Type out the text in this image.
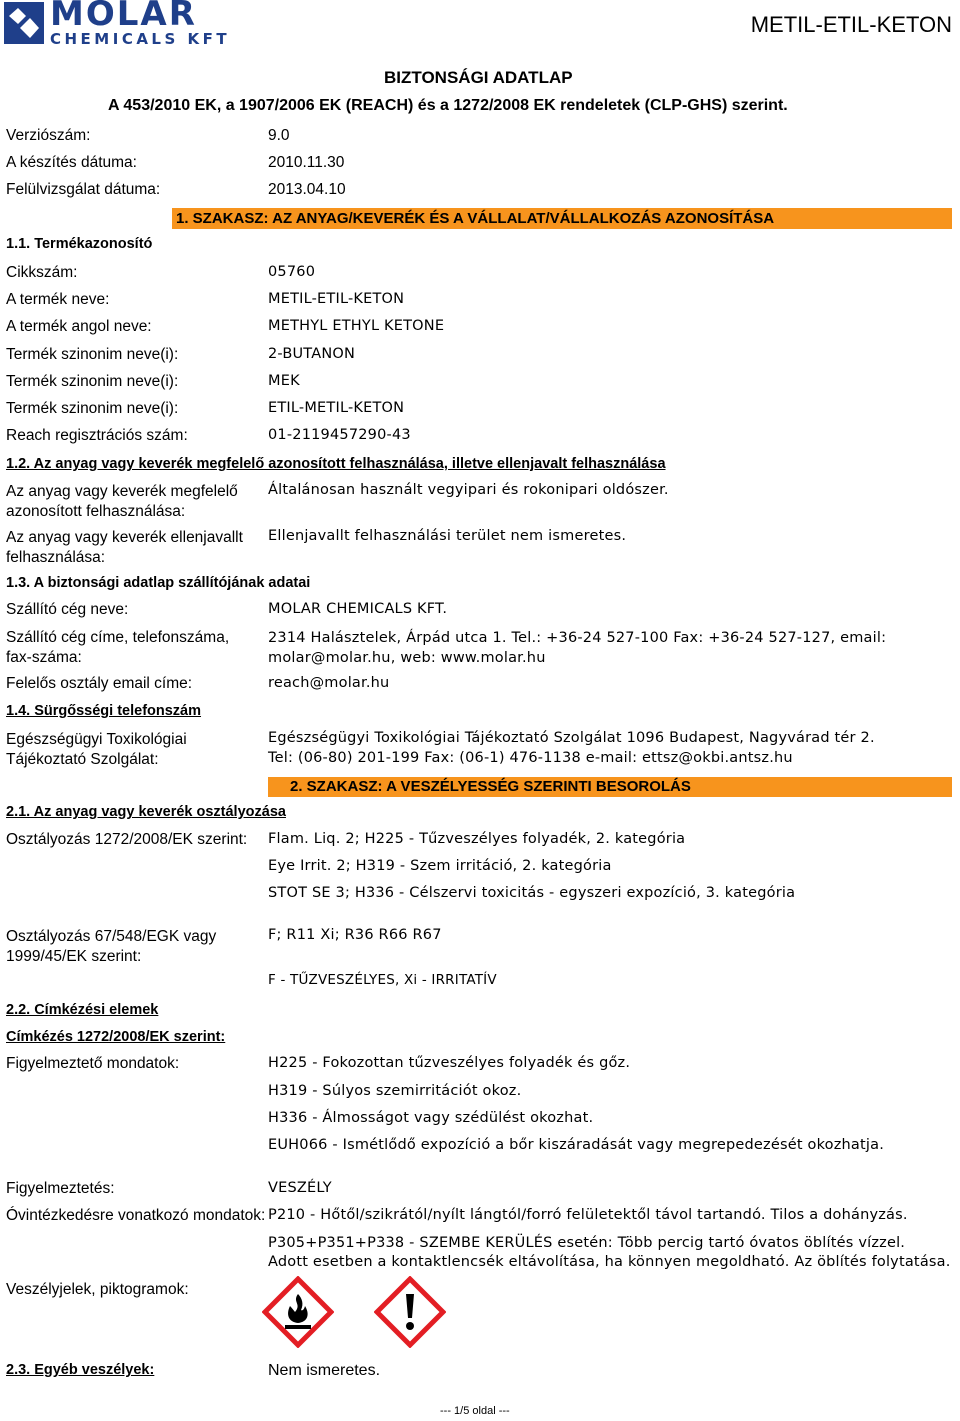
MOLAR
CHEMICALS KFT
METIL-ETIL-KETON
BIZTONSÁGI ADATLAP
A 453/2010 EK, a 1907/2006 EK (REACH) és a 1272/2008 EK rendeletek (CLP-GHS) szerint.
Verziószám:	9.0
A készítés dátuma:	2010.11.30
Felülvizsgálat dátuma:	2013.04.10
1. SZAKASZ: AZ ANYAG/KEVERÉK ÉS A VÁLLALAT/VÁLLALKOZÁS AZONOSÍTÁSA
1.1. Termékazonosító
Cikkszám:	05760
A termék neve:	METIL-ETIL-KETON
A termék angol neve:	METHYL ETHYL KETONE
Termék szinonim neve(i):	2-BUTANON
Termék szinonim neve(i):	MEK
Termék szinonim neve(i):	ETIL-METIL-KETON
Reach regisztrációs szám:	01-2119457290-43
1.2. Az anyag vagy keverék megfelelő azonosított felhasználása, illetve ellenjavalt felhasználása
Az anyag vagy keverék megfelelő azonosított felhasználása:
Általánosan használt vegyipari és rokonipari oldószer.
Az anyag vagy keverék ellenjavallt felhasználása:
Ellenjavallt felhasználási terület nem ismeretes.
1.3. A biztonsági adatlap szállítójának adatai
Szállító cég neve:	MOLAR CHEMICALS KFT.
Szállító cég címe, telefonszáma, fax-száma:
2314 Halásztelek, Árpád utca 1. Tel.: +36-24 527-100 Fax: +36-24 527-127, email: molar@molar.hu, web: www.molar.hu
Felelős osztály email címe:	reach@molar.hu
1.4. Sürgősségi telefonszám
Egészségügyi Toxikológiai Tájékoztató Szolgálat:
Egészségügyi Toxikológiai Tájékoztató Szolgálat 1096 Budapest, Nagyvárad tér 2.
Tel: (06-80) 201-199 Fax: (06-1) 476-1138 e-mail: ettsz@okbi.antsz.hu
2. SZAKASZ: A VESZÉLYESSÉG SZERINTI BESOROLÁS
2.1. Az anyag vagy keverék osztályozása
Osztályozás 1272/2008/EK szerint: Flam. Liq. 2; H225 - Tűzveszélyes folyadék, 2. kategória
Eye Irrit. 2; H319 - Szem irritáció, 2. kategória
STOT SE 3; H336 - Célszervi toxicitás - egyszeri expozíció, 3. kategória
Osztályozás 67/548/EGK vagy 1999/45/EK szerint:
F; R11 Xi; R36 R66 R67
F - TŰZVESZÉLYES, Xi - IRRITATÍV
2.2. Címkézési elemek
Címkézés 1272/2008/EK szerint:
Figyelmeztető mondatok:	H225 - Fokozottan tűzveszélyes folyadék és gőz.
H319 - Súlyos szemirritációt okoz.
H336 - Álmosságot vagy szédülést okozhat.
EUH066 - Ismétlődő expozíció a bőr kiszáradását vagy megrepedezését okozhatja.
Figyelmeztetés:	VESZÉLY
Óvintézkedésre vonatkozó mondatok: P210 - Hőtől/szikrától/nyílt lángtól/forró felületektől távol tartandó. Tilos a dohányzás.
P305+P351+P338 - SZEMBE KERÜLÉS esetén: Több percig tartó óvatos öblítés vízzel.
Adott esetben a kontaktlencsék eltávolítása, ha könnyen megoldható. Az öblítés folytatása.
Veszélyjelek, piktogramok:
2.3. Egyéb veszélyek:	Nem ismeretes.
--- 1/5 oldal ---
